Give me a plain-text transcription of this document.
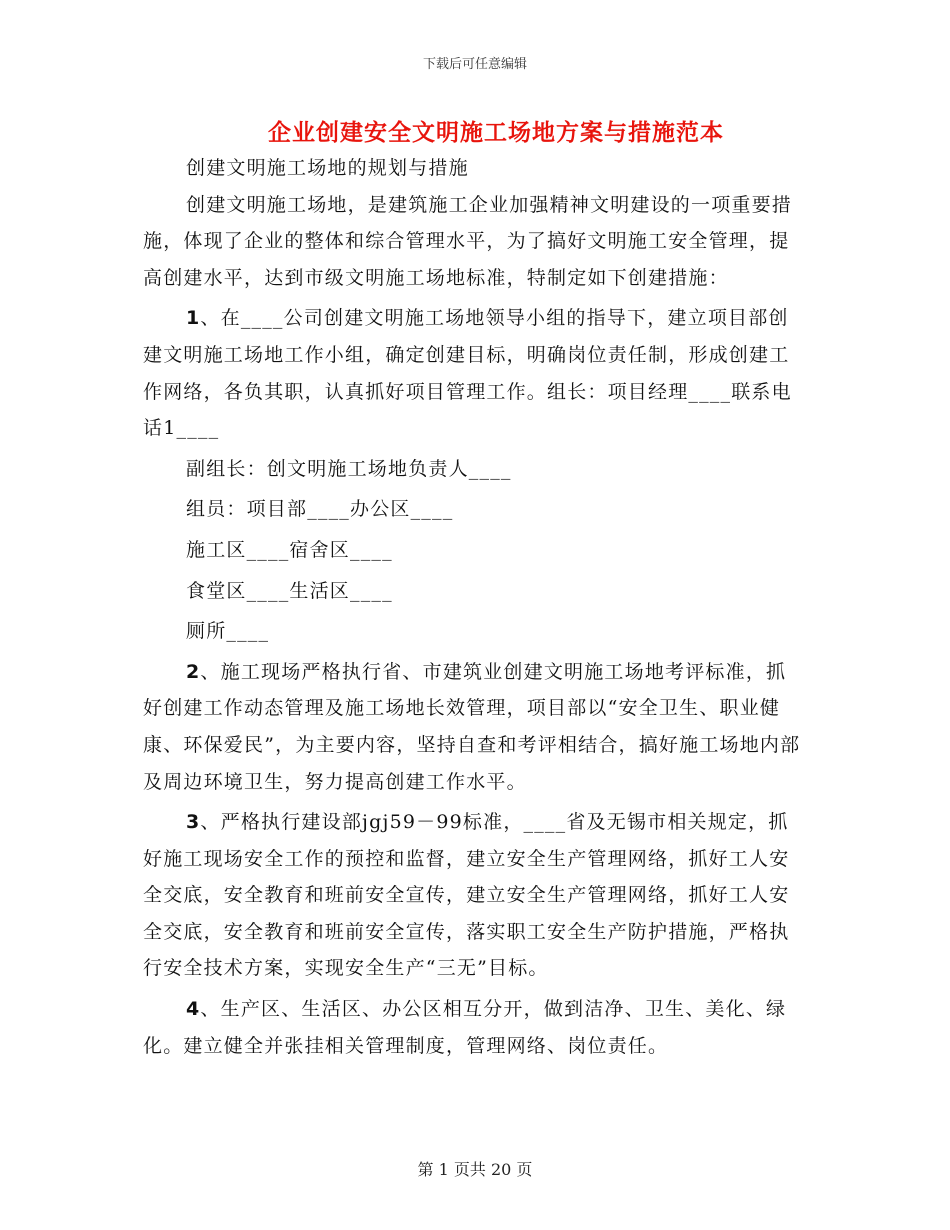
下载后可任意编辑
企业创建安全文明施工场地方案与措施范本

创建文明施工场地的规划与措施

创建文明施工场地，是建筑施工企业加强精神文明建设的一项重要措施，体现了企业的整体和综合管理水平，为了搞好文明施工安全管理，提高创建水平，达到市级文明施工场地标准，特制定如下创建措施：

1、在____公司创建文明施工场地领导小组的指导下，建立项目部创建文明施工场地工作小组，确定创建目标，明确岗位责任制，形成创建工作网络，各负其职，认真抓好项目管理工作。组长：项目经理____联系电话1____

副组长：创文明施工场地负责人____

组员：项目部____办公区____

施工区____宿舍区____

食堂区____生活区____

厕所____

2、施工现场严格执行省、市建筑业创建文明施工场地考评标准，抓好创建工作动态管理及施工场地长效管理，项目部以“安全卫生、职业健康、环保爱民”，为主要内容，坚持自查和考评相结合，搞好施工场地内部及周边环境卫生，努力提高创建工作水平。

3、严格执行建设部jgj59－99标准，____省及无锡市相关规定，抓好施工现场安全工作的预控和监督，建立安全生产管理网络，抓好工人安全交底，安全教育和班前安全宣传，建立安全生产管理网络，抓好工人安全交底，安全教育和班前安全宣传，落实职工安全生产防护措施，严格执行安全技术方案，实现安全生产“三无”目标。

4、生产区、生活区、办公区相互分开，做到洁净、卫生、美化、绿化。建立健全并张挂相关管理制度，管理网络、岗位责任。

第 1 页共 20 页
